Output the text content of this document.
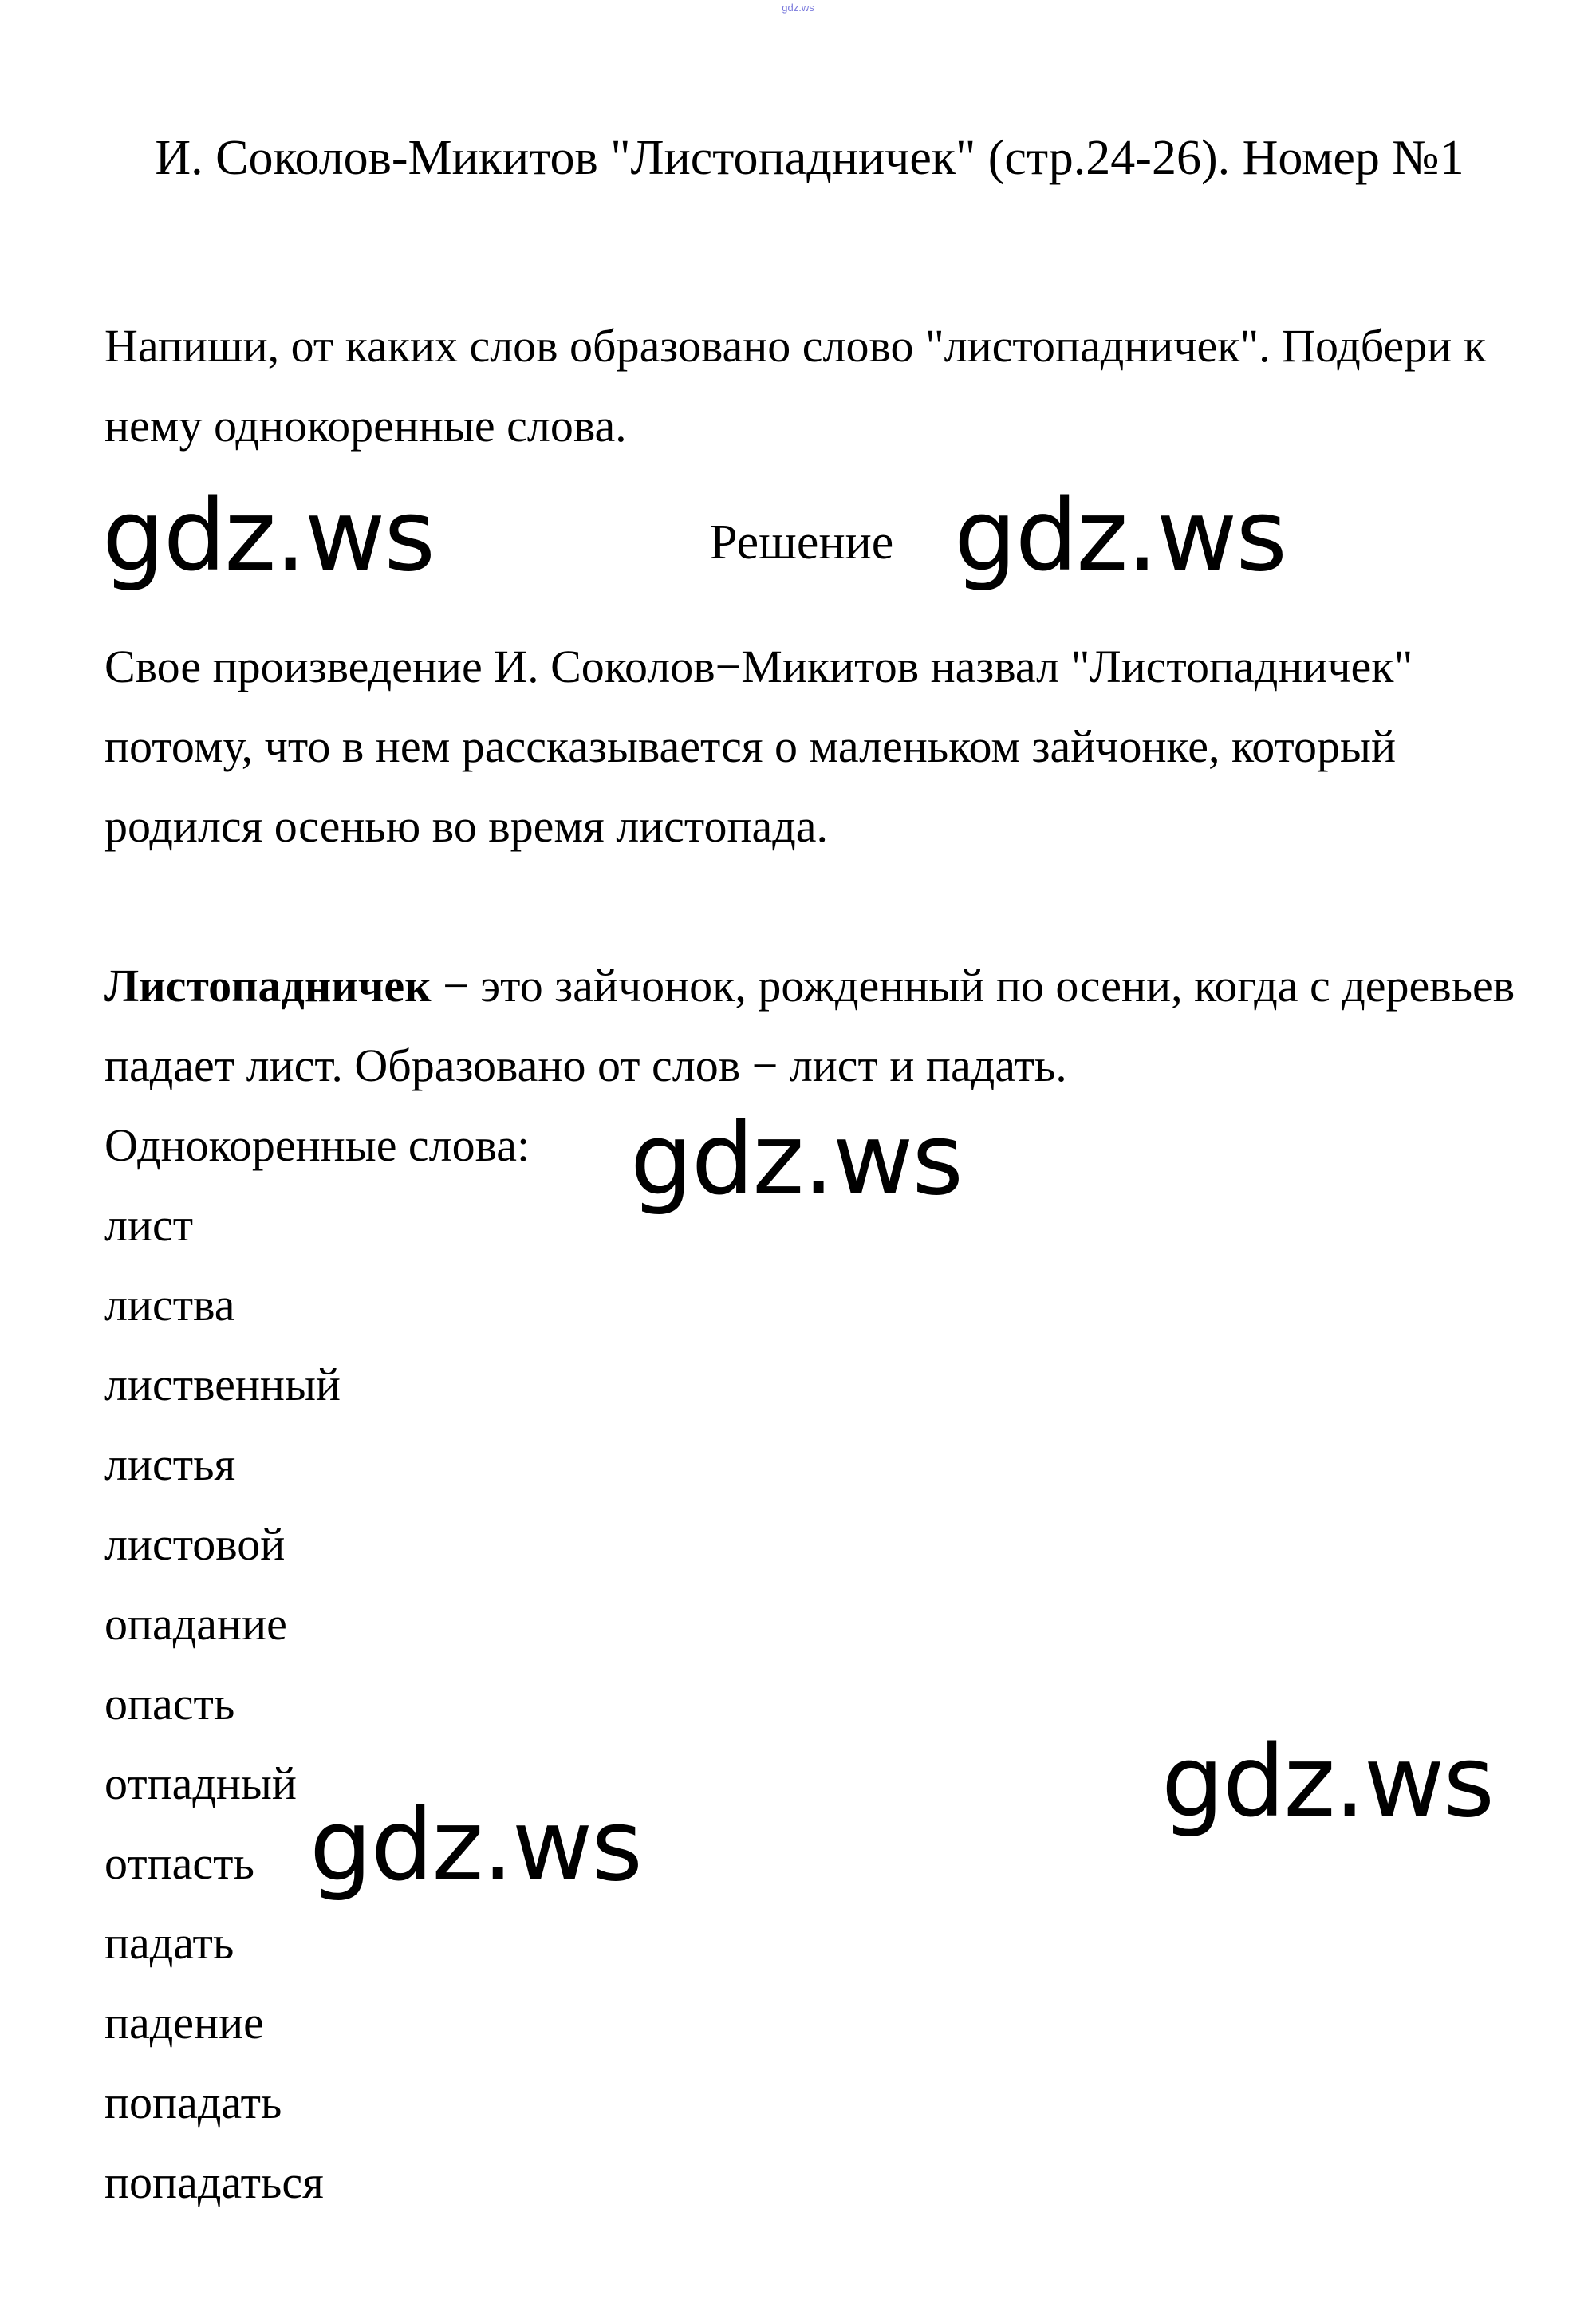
gdz.ws
И. Соколов-Микитов "Листопадничек" (стр.24-26). Номер №1

Напиши, от каких слов образовано слово "листопадничек". Подбери к нему однокоренные слова.

Решение

Свое произведение И. Соколов−Микитов назвал "Листопадничек" потому, что в нем рассказывается о маленьком зайчонке, который родился осенью во время листопада.

Листопадничек − это зайчонок, рожденный по осени, когда с деревьев падает лист. Образовано от слов − лист и падать.

Однокоренные слова:

лист
листва
лиственный
листья
листовой
опадание
опасть
отпадный
отпасть
падать
падение
попадать
попадаться
gdz.ws	gdz.ws
gdz.ws
gdz.ws
gdz.ws
